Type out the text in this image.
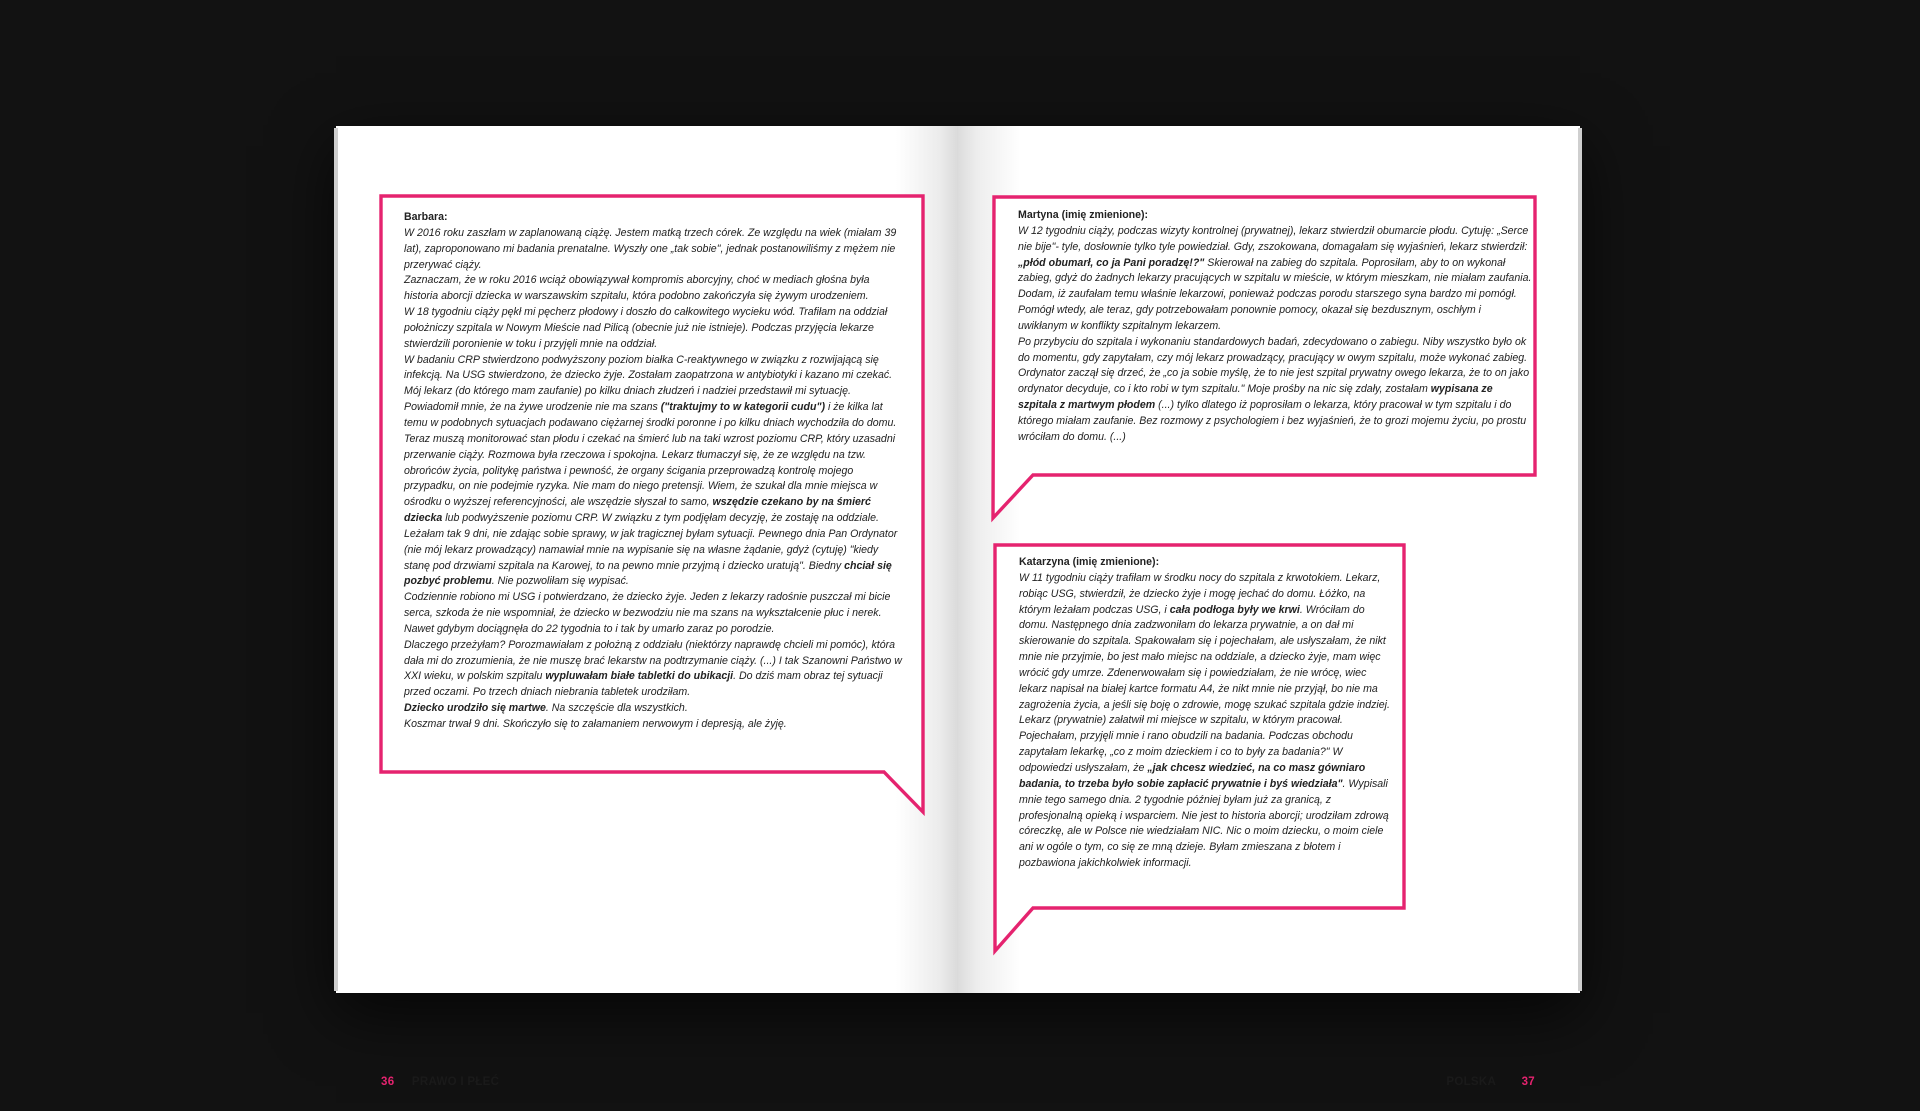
Barbara:

W 2016 roku zaszłam w zaplanowaną ciążę. Jestem matką trzech córek. Ze względu na wiek (miałam 39 lat), zaproponowano mi badania prenatalne. Wyszły one „tak sobie", jednak postanowiliśmy z mężem nie przerywać ciąży.

Zaznaczam, że w roku 2016 wciąż obowiązywał kompromis aborcyjny, choć w mediach głośna była historia aborcji dziecka w warszawskim szpitalu, która podobno zakończyła się żywym urodzeniem.

W 18 tygodniu ciąży pękł mi pęcherz płodowy i doszło do całkowitego wycieku wód. Trafiłam na oddział położniczy szpitala w Nowym Mieście nad Pilicą (obecnie już nie istnieje). Podczas przyjęcia lekarze stwierdzili poronienie w toku i przyjęli mnie na oddział.

W badaniu CRP stwierdzono podwyższony poziom białka C-reaktywnego w związku z rozwijającą się infekcją. Na USG stwierdzono, że dziecko żyje. Zostałam zaopatrzona w antybiotyki i kazano mi czekać. Mój lekarz (do którego mam zaufanie) po kilku dniach złudzeń i nadziei przedstawił mi sytuację. Powiadomił mnie, że na żywe urodzenie nie ma szans ("traktujmy to w kategorii cudu") i że kilka lat temu w podobnych sytuacjach podawano ciężarnej środki poronne i po kilku dniach wychodziła do domu. Teraz muszą monitorować stan płodu i czekać na śmierć lub na taki wzrost poziomu CRP, który uzasadni przerwanie ciąży. Rozmowa była rzeczowa i spokojna. Lekarz tłumaczył się, że ze względu na tzw. obrońców życia, politykę państwa i pewność, że organy ścigania przeprowadzą kontrolę mojego przypadku, on nie podejmie ryzyka. Nie mam do niego pretensji. Wiem, że szukał dla mnie miejsca w ośrodku o wyższej referencyjności, ale wszędzie słyszał to samo, wszędzie czekano by na śmierć dziecka lub podwyższenie poziomu CRP. W związku z tym podjęłam decyzję, że zostaję na oddziale.

Leżałam tak 9 dni, nie zdając sobie sprawy, w jak tragicznej byłam sytuacji. Pewnego dnia Pan Ordynator (nie mój lekarz prowadzący) namawiał mnie na wypisanie się na własne żądanie, gdyż (cytuję) "kiedy stanę pod drzwiami szpitala na Karowej, to na pewno mnie przyjmą i dziecko uratują". Biedny chciał się pozbyć problemu. Nie pozwoliłam się wypisać.

Codziennie robiono mi USG i potwierdzano, że dziecko żyje. Jeden z lekarzy radośnie puszczał mi bicie serca, szkoda że nie wspomniał, że dziecko w bezwodziu nie ma szans na wykształcenie płuc i nerek. Nawet gdybym dociągnęła do 22 tygodnia to i tak by umarło zaraz po porodzie.

Dlaczego przeżyłam? Porozmawiałam z położną z oddziału (niektórzy naprawdę chcieli mi pomóc), która dała mi do zrozumienia, że nie muszę brać lekarstw na podtrzymanie ciąży. (...) I tak Szanowni Państwo w XXI wieku, w polskim szpitalu wypluwałam białe tabletki do ubikacji. Do dziś mam obraz tej sytuacji przed oczami. Po trzech dniach niebrania tabletek urodziłam.

Dziecko urodziło się martwe. Na szczęście dla wszystkich.

Koszmar trwał 9 dni. Skończyło się to załamaniem nerwowym i depresją, ale żyję.

36 PRAWO I PŁEĆ
Martyna (imię zmienione):

W 12 tygodniu ciąży, podczas wizyty kontrolnej (prywatnej), lekarz stwierdził obumarcie płodu. Cytuję: „Serce nie bije"- tyle, dosłownie tylko tyle powiedział. Gdy, zszokowana, domagałam się wyjaśnień, lekarz stwierdził: „płód obumarł, co ja Pani poradzę!?" Skierował na zabieg do szpitala. Poprosiłam, aby to on wykonał zabieg, gdyż do żadnych lekarzy pracujących w szpitalu w mieście, w którym mieszkam, nie miałam zaufania. Dodam, iż zaufałam temu właśnie lekarzowi, ponieważ podczas porodu starszego syna bardzo mi pomógł. Pomógł wtedy, ale teraz, gdy potrzebowałam ponownie pomocy, okazał się bezdusznym, oschłym i uwikłanym w konflikty szpitalnym lekarzem.

Po przybyciu do szpitala i wykonaniu standardowych badań, zdecydowano o zabiegu. Niby wszystko było ok do momentu, gdy zapytałam, czy mój lekarz prowadzący, pracujący w owym szpitalu, może wykonać zabieg. Ordynator zaczął się drzeć, że „co ja sobie myślę, że to nie jest szpital prywatny owego lekarza, że to on jako ordynator decyduje, co i kto robi w tym szpitalu." Moje prośby na nic się zdały, zostałam wypisana ze szpitala z martwym płodem (...) tylko dlatego iż poprosiłam o lekarza, który pracował w tym szpitalu i do którego miałam zaufanie. Bez rozmowy z psychologiem i bez wyjaśnień, że to grozi mojemu życiu, po prostu wróciłam do domu. (...)

Katarzyna (imię zmienione):

W 11 tygodniu ciąży trafiłam w środku nocy do szpitala z krwotokiem. Lekarz, robiąc USG, stwierdził, że dziecko żyje i mogę jechać do domu. Łóżko, na którym leżałam podczas USG, i cała podłoga były we krwi. Wróciłam do domu. Następnego dnia zadzwoniłam do lekarza prywatnie, a on dał mi skierowanie do szpitala. Spakowałam się i pojechałam, ale usłyszałam, że nikt mnie nie przyjmie, bo jest mało miejsc na oddziale, a dziecko żyje, mam więc wrócić gdy umrze. Zdenerwowałam się i powiedziałam, że nie wrócę, wiec lekarz napisał na białej kartce formatu A4, że nikt mnie nie przyjął, bo nie ma zagrożenia życia, a jeśli się boję o zdrowie, mogę szukać szpitala gdzie indziej. Lekarz (prywatnie) załatwił mi miejsce w szpitalu, w którym pracował. Pojechałam, przyjęli mnie i rano obudzili na badania. Podczas obchodu zapytałam lekarkę, „co z moim dzieckiem i co to były za badania?" W odpowiedzi usłyszałam, że „jak chcesz wiedzieć, na co masz gówniaro badania, to trzeba było sobie zapłacić prywatnie i byś wiedziała". Wypisali mnie tego samego dnia. 2 tygodnie później byłam już za granicą, z profesjonalną opieką i wsparciem. Nie jest to historia aborcji; urodziłam zdrową córeczkę, ale w Polsce nie wiedziałam NIC. Nic o moim dziecku, o moim ciele ani w ogóle o tym, co się ze mną dzieje. Byłam zmieszana z błotem i pozbawiona jakichkolwiek informacji.

POLSKA 37
